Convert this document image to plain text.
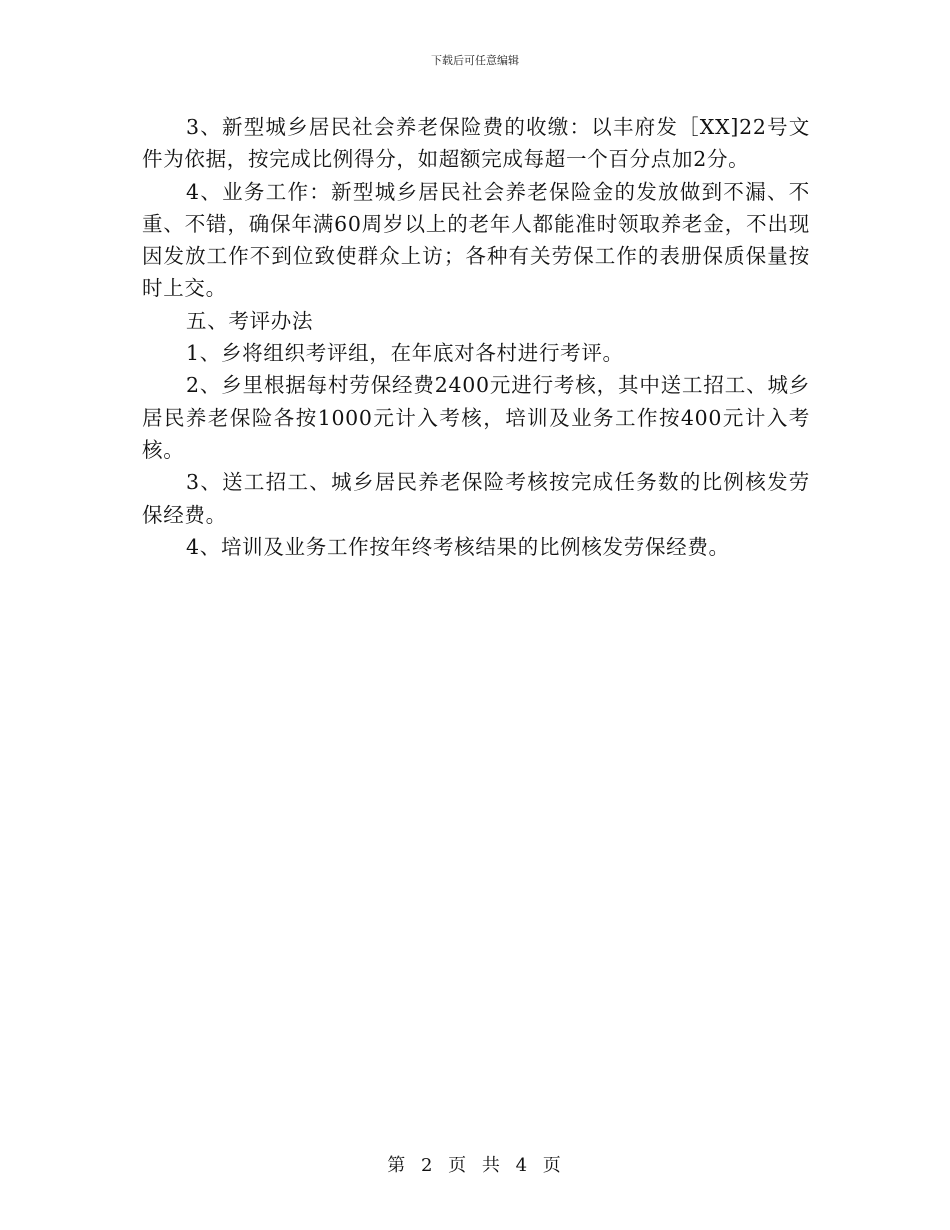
下载后可任意编辑

3、新型城乡居民社会养老保险费的收缴：以丰府发［XX]22号文件为依据，按完成比例得分，如超额完成每超一个百分点加2分。

4、业务工作：新型城乡居民社会养老保险金的发放做到不漏、不重、不错，确保年满60周岁以上的老年人都能准时领取养老金，不出现因发放工作不到位致使群众上访；各种有关劳保工作的表册保质保量按时上交。

五、考评办法

1、乡将组织考评组，在年底对各村进行考评。

2、乡里根据每村劳保经费2400元进行考核，其中送工招工、城乡居民养老保险各按1000元计入考核，培训及业务工作按400元计入考核。

3、送工招工、城乡居民养老保险考核按完成任务数的比例核发劳保经费。

4、培训及业务工作按年终考核结果的比例核发劳保经费。

第 2 页 共 4 页
